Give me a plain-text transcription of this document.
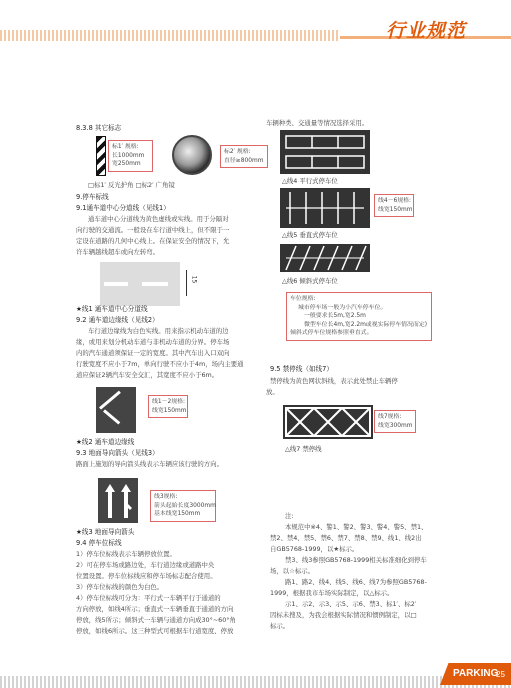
行业规范
8.3.8 其它标志
标1′ 规格:
长1000mm
宽250mm
标2′ 规格:
直径≥800mm
□标1′ 反光护角 □标2′ 广角镜
9.停车标线
9.1通车道中心分道线（见线1）
通车道中心分道线为黄色虚线或实线。用于分隔对
向行驶的交通流。一般设在车行道中线上，但不限于一
定设在道路的几何中心线上。在保证安全的情况下，允
许车辆越线超车或向左转弯。
15
★线1 通车道中心分道线
9.2 通车道边缘线（见线2）
车行道边缘线为白色实线。用来指示机动车道的边
缘，或用来划分机动车道与非机动车道的分界。停车场
内的汽车通道须保证一定的宽度。其中汽车出入口双向
行驶宽度不应小于7m，单向行驶不应小于4m，场内主要通
道应保证2辆汽车安全交汇，其宽度不应小于6m。
线1－2规格:
线宽150mm
★线2 通车道边缘线
9.3 地面导向箭头（见线3）
路面上施划的导向箭头线表示车辆应该行驶的方向。
线3规格:
箭头起始长度3000mm
基本线宽150mm
★线3 地面导向箭头
9.4 停车位标线
1）停车位标线表示车辆停放位置。
2）可在停车场或路边处，车行道边缘或道路中央
位置设置。停车位标线应和停车场标志配合使用。
3）停车位标线的颜色为白色。
4）停车位标线可分为：平行式一车辆平行于通道的
方向停放，如线4所示；垂直式一车辆垂直于通道的方向
停放，线5所示；倾斜式一车辆与通道方向成30°~60°角
停放，如线6所示。这三种型式可根据车行道宽度、停放
车辆种类、交通量等情况选择采用。
△线4 平行式停车位
线4－6规格:
线宽150mm
△线5 垂直式停车位
△线6 倾斜式停车位
车位规格:
城市停车场一般为小汽车停车位。
一般要求长5m,宽2.5m
微型车位长4m,宽2.2m或视实际停车情况而定)
倾斜式停车位规格参照垂直式。
9.5 禁停线（如线7）
禁停线为黄色网状斜线，表示此处禁止车辆停
放。
线7规格:
线宽300mm
△线7 禁停线
注:
本规范中※4、警1、警2、警3、警4、警5、禁1、
禁2、禁4、禁5、禁6、禁7、禁8、禁9、线1、线2出
自GB5768-1999，以★标示。
禁3、线3参照GB5768-1999相关标准细化到停车
场，以☆标示。
路1、路2、线4、线5、线6、线7为参照GB5768-
1999，根据我市车场实际制定，以△标示。
示1、示2、示3、示5、示6、禁3、标1′、标2′
因标未搜及，为我会根据实际情况和惯例制定，以□
标示。
PARKING
25
